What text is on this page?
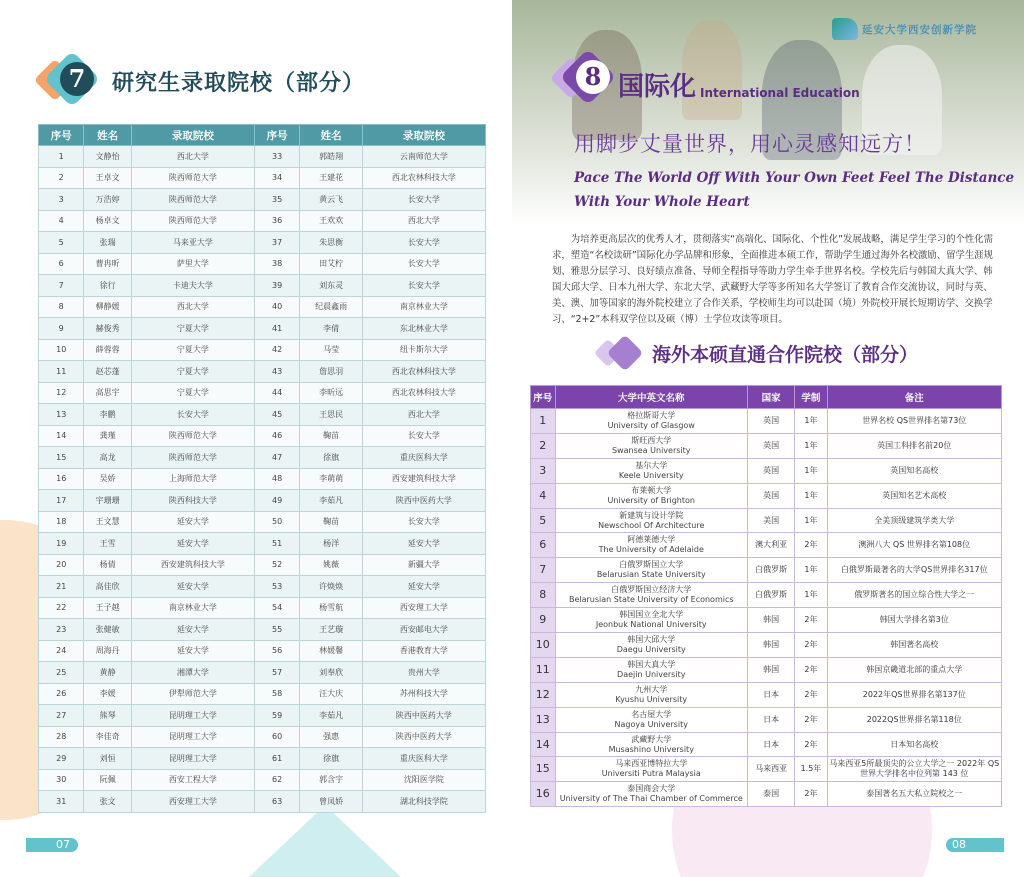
7	研究生录取院校（部分）
序号	姓名	录取院校	序号	姓名	录取院校
1	文静怡	西北大学	33	郭皓翔	云南师范大学
2	王卓文	陕西师范大学	34	王建花	西北农林科技大学
3	万浩婷	陕西师范大学	35	黄云飞	长安大学
4	杨卓文	陕西师范大学	36	王欢欢	西北大学
5	张瑞	马来亚大学	37	朱思衡	长安大学
6	曹冉昕	萨里大学	38	田艾柠	长安大学
7	徐行	卡迪夫大学	39	刘东灵	长安大学
8	柳静媛	西北大学	40	纪晨鑫雨	南京林业大学
9	赫俊秀	宁夏大学	41	李倩	东北林业大学
10	薛蓉蓉	宁夏大学	42	马莹	纽卡斯尔大学
11	赵芯蓬	宁夏大学	43	詹思羽	西北农林科技大学
12	高思宇	宁夏大学	44	李昕远	西北农林科技大学
13	李鹏	长安大学	45	王思民	西北大学
14	龚瑾	陕西师范大学	46	鞠苗	长安大学
15	高龙	陕西师范大学	47	徐旗	重庆医科大学
16	吴娇	上海师范大学	48	李萌萌	西安建筑科技大学
17	宇珊珊	陕西科技大学	49	李茹凡	陕西中医药大学
18	王文慧	延安大学	50	鞠苗	长安大学
19	王雪	延安大学	51	杨洋	延安大学
20	杨倩	西安建筑科技大学	52	姚薇	新疆大学
21	高佳欣	延安大学	53	许焕焕	延安大学
22	王子越	南京林业大学	54	杨雪航	西安理工大学
23	张健敏	延安大学	55	王艺璇	西安邮电大学
24	周海丹	延安大学	56	林媛馨	香港教育大学
25	黄静	湘潭大学	57	刘奉欣	贵州大学
26	李媛	伊犁师范大学	58	汪大庆	苏州科技大学
27	熊琴	昆明理工大学	59	李茹凡	陕西中医药大学
28	李佳奇	昆明理工大学	60	强惠	陕西中医药大学
29	刘恒	昆明理工大学	61	徐旗	重庆医科大学
30	阮佩	西安工程大学	62	郭含宇	沈阳医学院
31	张文	西安理工大学	63	曾凤娇	湖北科技学院
07
延安大学西安创新学院
8 国际化 International Education
用脚步丈量世界，用心灵感知远方！
Pace The World Off With Your Own Feet Feel The Distance
With Your Whole Heart

为培养更高层次的优秀人才，贯彻落实“高端化、国际化、个性化”发展战略，满足学生学习的个性化需求，塑造“名校读研”国际化办学品牌和形象，全面推进本硕工作，帮助学生通过海外名校激励、留学生涯规划、雅思分层学习、良好绩点准备、导师全程指导等助力学生牵手世界名校。学校先后与韩国大真大学、韩国大邱大学、日本九州大学、东北大学、武藏野大学等多所知名大学签订了教育合作交流协议，同时与英、美、澳、加等国家的海外院校建立了合作关系，学校师生均可以赴国（境）外院校开展长短期访学、交换学习、“2+2”本科双学位以及硕（博）士学位攻读等项目。

海外本硕直通合作院校（部分）
序号	大学中英文名称	国家	学制	备注
1	格拉斯哥大学
University of Glasgow	英国	1年	世界名校 QS世界排名第73位
2	斯旺西大学
Swansea University	英国	1年	英国工科排名前20位
3	基尔大学
Keele University	英国	1年	英国知名高校
4	布莱顿大学
University of Brighton	英国	1年	英国知名艺术高校
5	新建筑与设计学院
Newschool Of Architecture	美国	1年	全美顶级建筑学类大学
6	阿德莱德大学
The University of Adelaide	澳大利亚	2年	澳洲八大 QS 世界排名第108位
7	白俄罗斯国立大学
Belarusian State University	白俄罗斯	1年	白俄罗斯最著名的大学QS世界排名317位
8	白俄罗斯国立经济大学
Belarusian State University of Economics	白俄罗斯	1年	俄罗斯著名的国立综合性大学之一
9	韩国国立全北大学
Jeonbuk National University	韩国	2年	韩国大学排名第3位
10	韩国大邱大学
Daegu University	韩国	2年	韩国著名高校
11	韩国大真大学
Daejin University	韩国	2年	韩国京畿道北部的重点大学
12	九州大学
Kyushu University	日本	2年	2022年QS世界排名第137位
13	名古屋大学
Nagoya University	日本	2年	2022QS世界排名第118位
14	武藏野大学
Musashino University	日本	2年	日本知名高校
15	马来西亚博特拉大学
Universiti Putra Malaysia	马来西亚	1.5年	马来西亚5所最顶尖的公立大学之一 2022年 QS 世界大学排名中位列第 143 位
16	泰国商会大学
University of The Thai Chamber of Commerce	泰国	2年	泰国著名五大私立院校之一
08
